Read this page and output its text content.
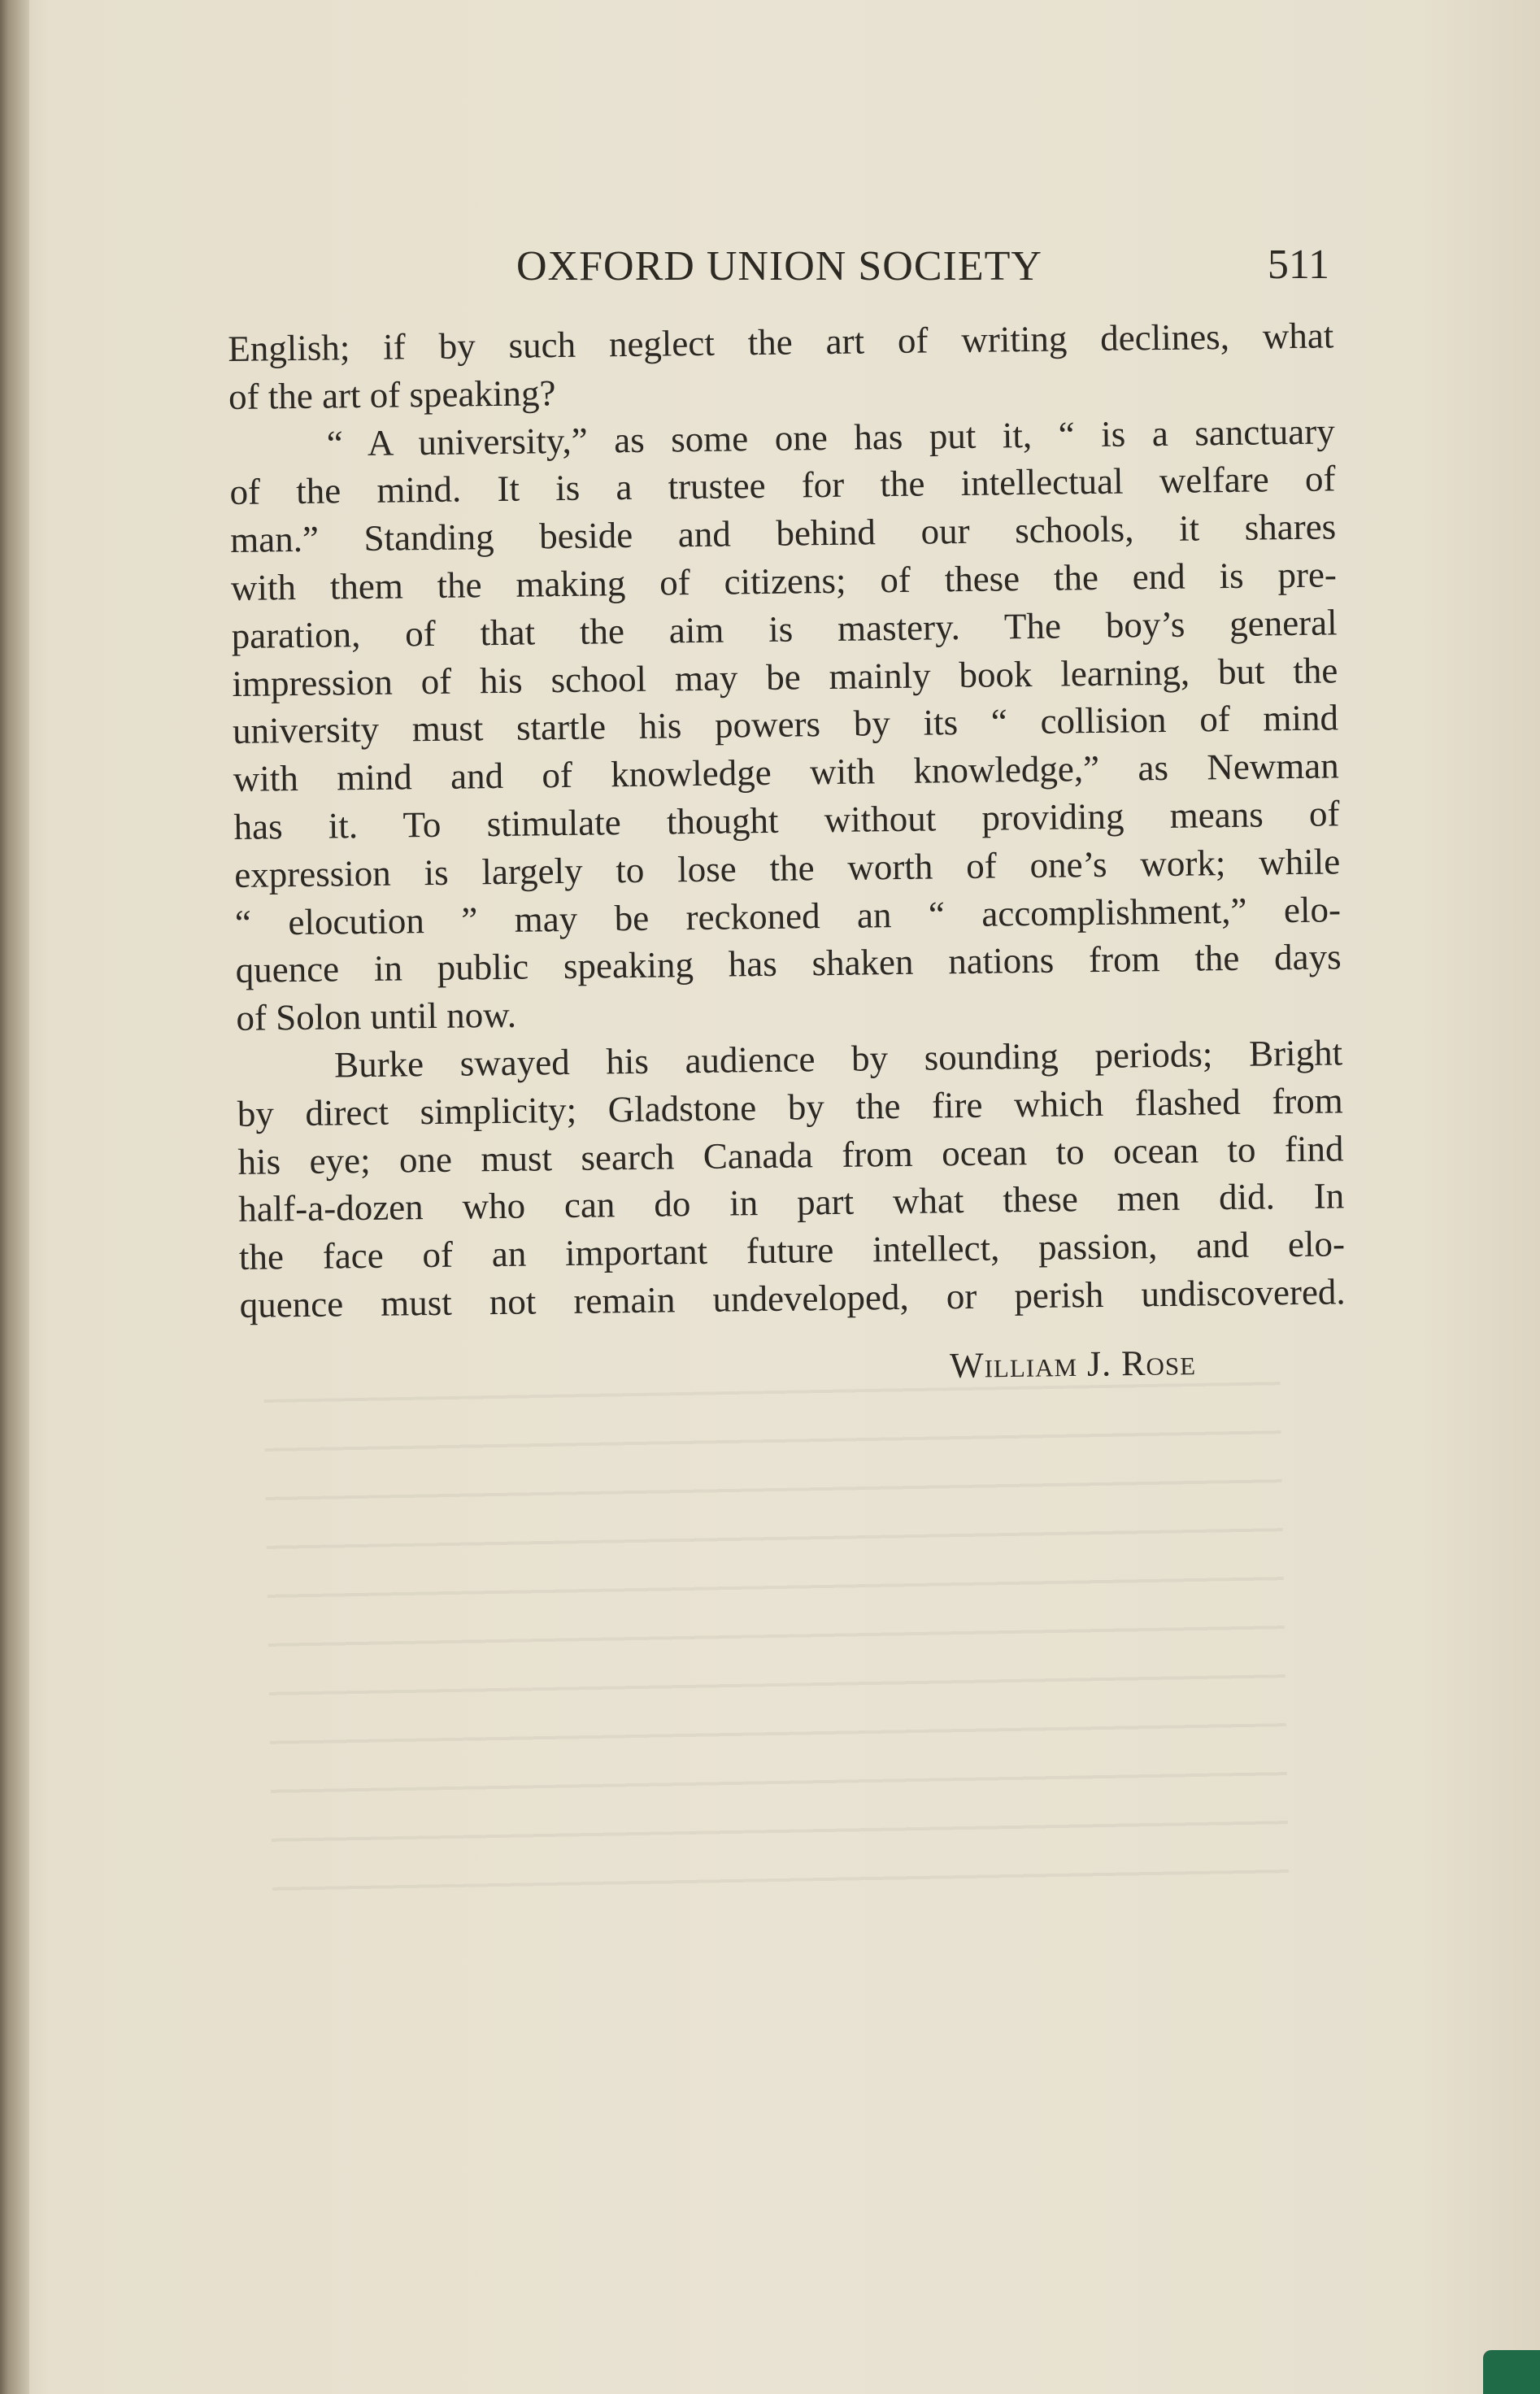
OXFORD UNION SOCIETY	511
English; if by such neglect the art of writing declines, what
of the art of speaking?
“ A university,” as some one has put it, “ is a sanctuary
of the mind. It is a trustee for the intellectual welfare of
man.” Standing beside and behind our schools, it shares
with them the making of citizens; of these the end is pre-
paration, of that the aim is mastery. The boy’s general
impression of his school may be mainly book learning, but the
university must startle his powers by its “ collision of mind
with mind and of knowledge with knowledge,” as Newman
has it. To stimulate thought without providing means of
expression is largely to lose the worth of one’s work; while
“ elocution ” may be reckoned an “ accomplishment,” elo-
quence in public speaking has shaken nations from the days
of Solon until now.
Burke swayed his audience by sounding periods; Bright
by direct simplicity; Gladstone by the fire which flashed from
his eye; one must search Canada from ocean to ocean to find
half-a-dozen who can do in part what these men did. In
the face of an important future intellect, passion, and elo-
quence must not remain undeveloped, or perish undiscovered.
William J. Rose
